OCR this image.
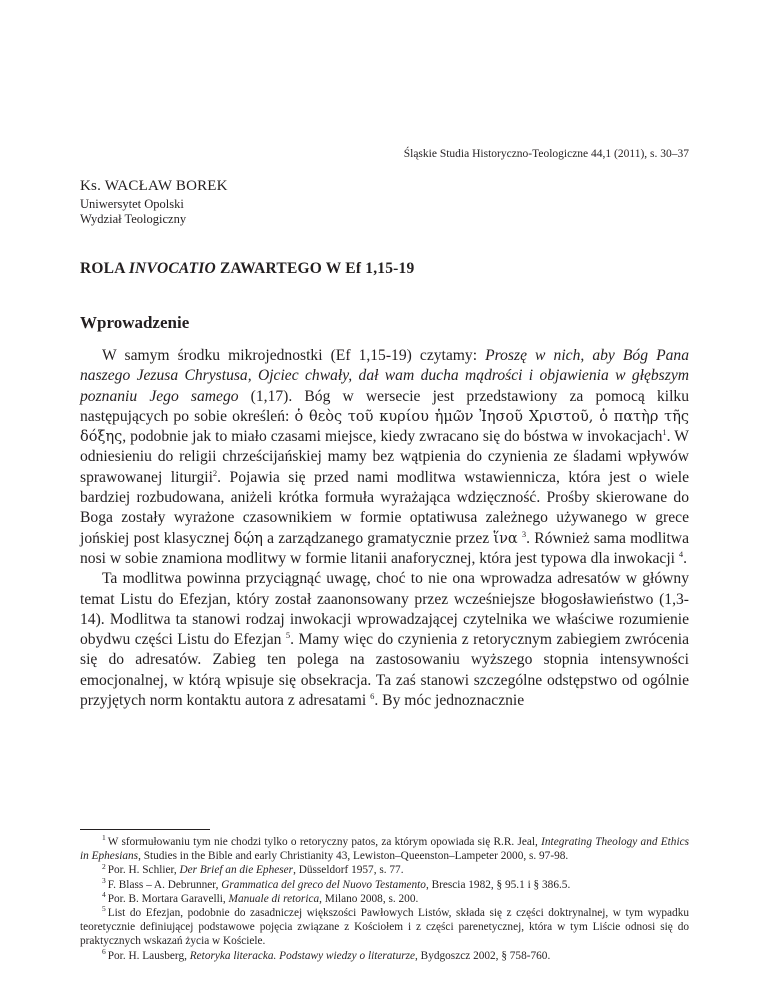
Śląskie Studia Historyczno-Teologiczne 44,1 (2011), s. 30–37
Ks. WACŁAW BOREK
Uniwersytet Opolski
Wydział Teologiczny
ROLA INVOCATIO ZAWARTEGO W Ef 1,15-19
Wprowadzenie

W samym środku mikrojednostki (Ef 1,15-19) czytamy: Proszę w nich, aby Bóg Pana naszego Jezusa Chrystusa, Ojciec chwały, dał wam ducha mądrości i objawienia w głębszym poznaniu Jego samego (1,17). Bóg w wersecie jest przedstawiony za pomocą kilku następujących po sobie określeń: ὁ θεὸς τοῦ κυρίου ἡμῶν Ἰησοῦ Χριστοῦ, ὁ πατὴρ τῆς δόξης, podobnie jak to miało czasami miejsce, kiedy zwracano się do bóstwa w invokacjach$^1$. W odniesieniu do religii chrześcijańskiej mamy bez wątpienia do czynienia ze śladami wpływów sprawowanej liturgii$^2$. Pojawia się przed nami modlitwa wstawiennicza, która jest o wiele bardziej rozbudowana, aniżeli krótka formuła wyrażająca wdzięczność. Prośby skierowane do Boga zostały wyrażone czasownikiem w formie optatiwusa zależnego używanego w grece jońskiej post klasycznej δῴη a zarządzanego gramatycznie przez ἵνα $^3$. Również sama modlitwa nosi w sobie znamiona modlitwy w formie litanii anaforycznej, która jest typowa dla inwokacji $^4$.

Ta modlitwa powinna przyciągnąć uwagę, choć to nie ona wprowadza adresatów w główny temat Listu do Efezjan, który został zaanonsowany przez wcześniejsze błogosławieństwo (1,3-14). Modlitwa ta stanowi rodzaj inwokacji wprowadzającej czytelnika we właściwe rozumienie obydwu części Listu do Efezjan $^5$. Mamy więc do czynienia z retorycznym zabiegiem zwrócenia się do adresatów. Zabieg ten polega na zastosowaniu wyższego stopnia intensywności emocjonalnej, w którą wpisuje się obsekracja. Ta zaś stanowi szczególne odstępstwo od ogólnie przyjętych norm kontaktu autora z adresatami $^6$. By móc jednoznacznie

$^1$ W sformułowaniu tym nie chodzi tylko o retoryczny patos, za którym opowiada się R.R. Jeal, Integrating Theology and Ethics in Ephesians, Studies in the Bible and early Christianity 43, Lewiston–Queenston–Lampeter 2000, s. 97-98.

$^2$ Por. H. Schlier, Der Brief an die Epheser, Düsseldorf 1957, s. 77.

$^3$ F. Blass – A. Debrunner, Grammatica del greco del Nuovo Testamento, Brescia 1982, § 95.1 i § 386.5.

$^4$ Por. B. Mortara Garavelli, Manuale di retorica, Milano 2008, s. 200.

$^5$ List do Efezjan, podobnie do zasadniczej większości Pawłowych Listów, składa się z części doktrynalnej, w tym wypadku teoretycznie definiującej podstawowe pojęcia związane z Kościołem i z części parenetycznej, która w tym Liście odnosi się do praktycznych wskazań życia w Kościele.

$^6$ Por. H. Lausberg, Retoryka literacka. Podstawy wiedzy o literaturze, Bydgoszcz 2002, § 758-760.
